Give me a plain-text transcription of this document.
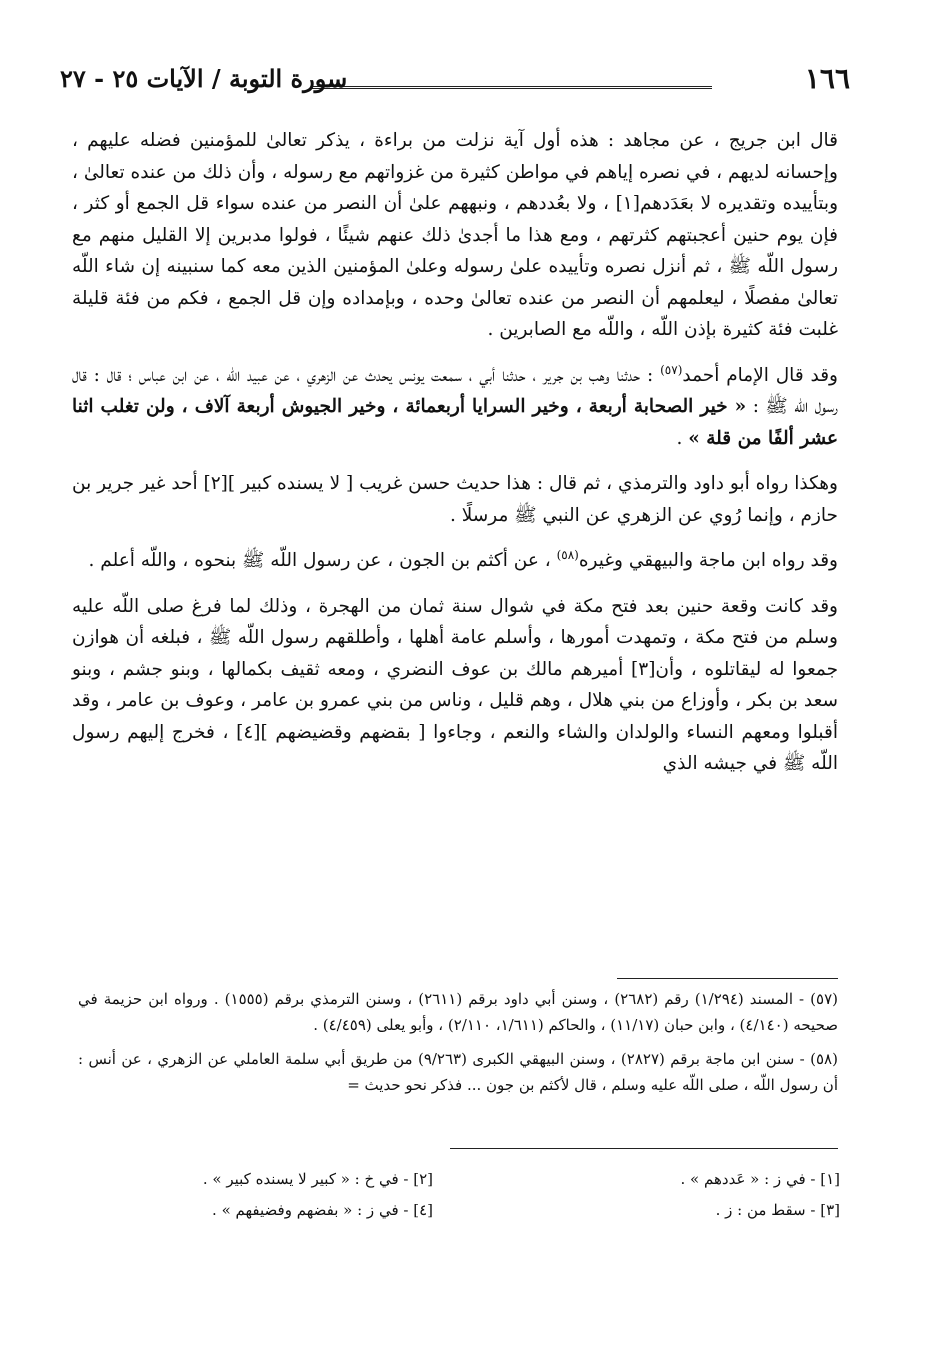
١٦٦
سورة التوبة / الآيات ٢٥ - ٢٧

قال ابن جريج ، عن مجاهد : هذه أول آية نزلت من براءة ، يذكر تعالىٰ للمؤمنين فضله عليهم ، وإحسانه لديهم ، في نصره إياهم في مواطن كثيرة من غزواتهم مع رسوله ، وأن ذلك من عنده تعالىٰ ، وبتأييده وتقديره لا بعَدَدهم[١] ، ولا بعُددهم ، ونبههم علىٰ أن النصر من عنده سواء قل الجمع أو كثر ، فإن يوم حنين أعجبتهم كثرتهم ، ومع هذا ما أجدىٰ ذلك عنهم شيئًا ، فولوا مدبرين إلا القليل منهم مع رسول اللّه ﷺ ، ثم أنزل نصره وتأييده علىٰ رسوله وعلىٰ المؤمنين الذين معه كما سنبينه إن شاء اللّه تعالىٰ مفصلًا ، ليعلمهم أن النصر من عنده تعالىٰ وحده ، وبإمداده وإن قل الجمع ، فكم من فئة قليلة غلبت فئة كثيرة بإذن اللّه ، واللّه مع الصابرين .

وقد قال الإمام أحمد$^{(٥٧)}$ : حدثنا وهب بن جرير ، حدثنا أبي ، سمعت يونس يحدث عن الزهري ، عن عبيد اللّه ، عن ابن عباس ؛ قال : قال رسول اللّه ﷺ : « خير الصحابة أربعة ، وخير السرايا أربعمائة ، وخير الجيوش أربعة آلاف ، ولن تغلب اثنا عشر ألفًا من قلة » .

وهكذا رواه أبو داود والترمذي ، ثم قال : هذا حديث حسن غريب [ لا يسنده كبير ][٢] أحد غير جرير بن حازم ، وإنما رُوي عن الزهري عن النبي ﷺ مرسلًا .

وقد رواه ابن ماجة والبيهقي وغيره$^{(٥٨)}$ ، عن أكثم بن الجون ، عن رسول اللّه ﷺ بنحوه ، واللّه أعلم .

وقد كانت وقعة حنين بعد فتح مكة في شوال سنة ثمان من الهجرة ، وذلك لما فرغ صلى اللّه عليه وسلم من فتح مكة ، وتمهدت أمورها ، وأسلم عامة أهلها ، وأطلقهم رسول اللّه ﷺ ، فبلغه أن هوازن جمعوا له ليقاتلوه ، وأن[٣] أميرهم مالك بن عوف النضري ، ومعه ثقيف بكمالها ، وبنو جشم ، وبنو سعد بن بكر ، وأوزاع من بني هلال ، وهم قليل ، وناس من بني عمرو بن عامر ، وعوف بن عامر ، وقد أقبلوا ومعهم النساء والولدان والشاء والنعم ، وجاءوا [ بقضهم وقضيضهم ][٤] ، فخرج إليهم رسول اللّه ﷺ في جيشه الذي

(٥٧) - المسند (١/٢٩٤) رقم (٢٦٨٢) ، وسنن أبي داود برقم (٢٦١١) ، وسنن الترمذي برقم (١٥٥٥) . ورواه ابن حزيمة في صحيحه (٤/١٤٠) ، وابن حبان (١١/١٧) ، والحاكم (١/٦١١، ٢/١١٠) ، وأبو يعلى (٤/٤٥٩) .

(٥٨) - سنن ابن ماجة برقم (٢٨٢٧) ، وسنن البيهقي الكبرى (٩/٢٦٣) من طريق أبي سلمة العاملي عن الزهري ، عن أنس : أن رسول اللّه ، صلى اللّه عليه وسلم ، قال لأكثم بن جون ... فذكر نحو حديث =

[١] - في ز : « عَددهم » .
[٢] - في خ : « كبير لا يسنده كبير » .
[٣] - سقط من : ز .
[٤] - في ز : « بفضهم وفضيفهم » .
